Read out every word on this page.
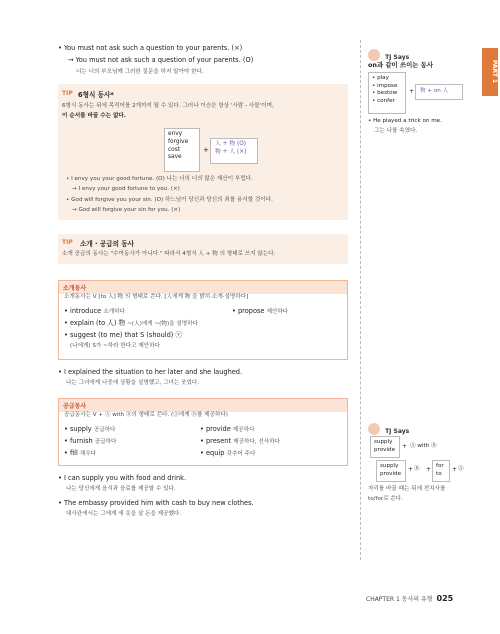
PART 1
• You must not ask such a question to your parents. (×)
→ You must not ask such a question of your parents. (O)
너는 너의 부모님께 그러한 질문을 하지 말아야 한다.
TIP 6형식 동사*
6형식 동사는 뒤에 목적어를 2개까지 될 수 있다. 그러나 이승은 항상 '사람 - 사물'이며,
이 순서를 바꿀 수는 없다.
envy
forgive
cost
save
+
人 + 物 (O)
物 + 人 (×)
• I envy you your good fortune. (O) 나는 너의 너의 많은 재산이 부럽다.
→ I envy your good fortune to you. (×)
• God will forgive you your sin. (O) 하느님이 당신과 당신의 죄를 용서할 것이다.
→ God will forgive your sin for you. (×)
TIP 소개 · 공급의 동사
소개 공급의 동사는 "수여동사가 아니다." 따라서 4형식 人 + 物 의 형태로 쓰지 않는다.
소개동사
소개동사는 V [to 人] 物 의 형태로 쓴다. [人에게 物 을 밝히·소개·설명하다]
• introduce 소개하다	• propose 제안하다
• explain (to 人) 物 ~(人)에게 ~(物)을 설명하다
• suggest (to me) that S (should) ⓥ
(나에게) S가 ~하라 한다고 제안하다
• I explained the situation to her later and she laughed.
나는 그녀에게 나중에 상황을 설명했고, 그녀는 웃었다.
공급동사
공급동사는 V + Ⓐ with Ⓑ의 형태로 쓴다. (Ⓐ에게 Ⓑ를 제공하다)
• supply 공급하다
• furnish 공급하다
• fill 채우다
• provide 제공하다
• present 제공하다, 선사하다
• equip 갖추어 주다
• I can supply you with food and drink.
나는 당신에게 음식과 음료를 제공할 수 있다.
• The embassy provided him with cash to buy new clothes.
대사관에서는 그에게 새 옷을 살 돈을 제공했다.
TJ Says
on과 같이 쓰이는 동사
• play
• impose
• bestow
• confer
+ 物 + on 人
• He played a trick on me.
그는 나를 속였다.
TJ Says
supply
provide + Ⓐ with Ⓑ
supply
provide
+ Ⓑ + for
to
+ Ⓐ
자리를 바꿀 때는 뒤에 전치사를
to/for로 쓴다.
CHAPTER 1 동사의 유형 025
